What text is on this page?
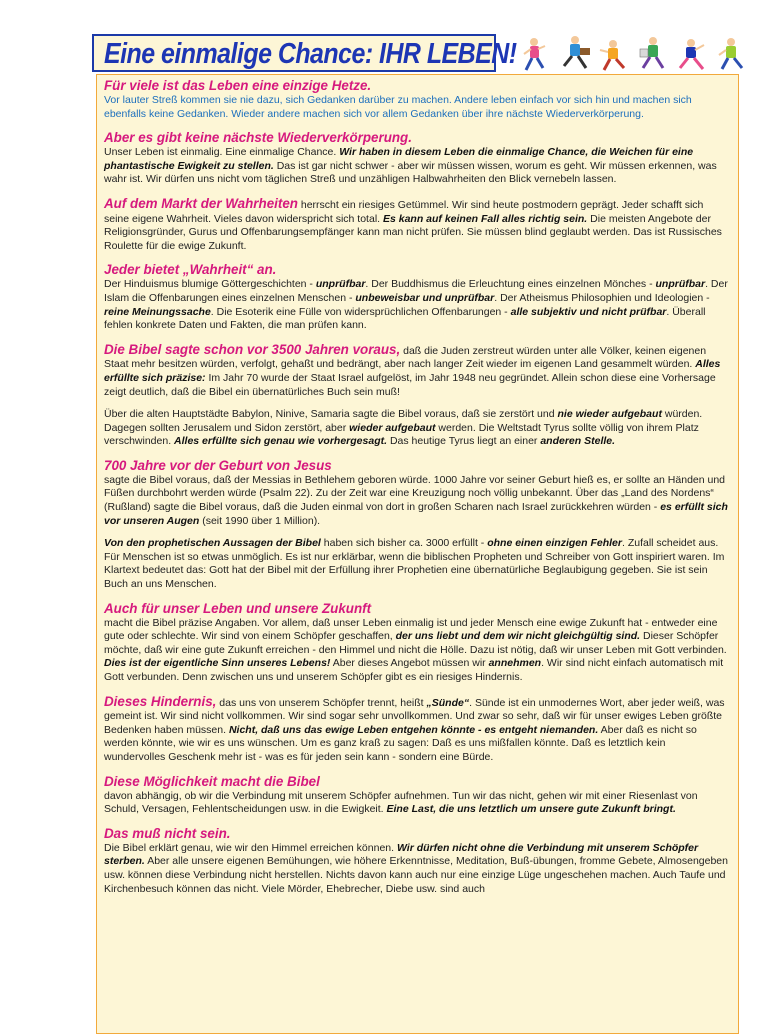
Eine einmalige Chance: IHR LEBEN!
Für viele ist das Leben eine einzige Hetze.

Vor lauter Streß kommen sie nie dazu, sich Gedanken darüber zu machen. Andere leben einfach vor sich hin und machen sich ebenfalls keine Gedanken. Wieder andere machen sich vor allem Gedanken über ihre nächste Wiederverkörperung.

Aber es gibt keine nächste Wiederverkörperung.

Unser Leben ist einmalig. Eine einmalige Chance. Wir haben in diesem Leben die einmalige Chance, die Weichen für eine phantastische Ewigkeit zu stellen. Das ist gar nicht schwer - aber wir müssen wissen, worum es geht. Wir müssen erkennen, was wahr ist. Wir dürfen uns nicht vom täglichen Streß und unzähligen Halbwahrheiten den Blick vernebeln lassen.

Auf dem Markt der Wahrheiten herrscht ein riesiges Getümmel. Wir sind heute postmodern geprägt. Jeder schafft sich seine eigene Wahrheit. Vieles davon widerspricht sich total. Es kann auf keinen Fall alles richtig sein. Die meisten Angebote der Religionsgründer, Gurus und Offenbarungsempfänger kann man nicht prüfen. Sie müssen blind geglaubt werden. Das ist Russisches Roulette für die ewige Zukunft.

Jeder bietet „Wahrheit“ an.

Der Hinduismus blumige Göttergeschichten - unprüfbar. Der Buddhismus die Erleuchtung eines einzelnen Mönches - unprüfbar. Der Islam die Offenbarungen eines einzelnen Menschen - unbeweisbar und unprüfbar. Der Atheismus Philosophien und Ideologien - reine Meinungssache. Die Esoterik eine Fülle von widersprüchlichen Offenbarungen - alle subjektiv und nicht prüfbar. Überall fehlen konkrete Daten und Fakten, die man prüfen kann.

Die Bibel sagte schon vor 3500 Jahren voraus, daß die Juden zerstreut würden unter alle Völker, keinen eigenen Staat mehr besitzen würden, verfolgt, gehaßt und bedrängt, aber nach langer Zeit wieder im eigenen Land gesammelt würden. Alles erfüllte sich präzise: Im Jahr 70 wurde der Staat Israel aufgelöst, im Jahr 1948 neu gegründet. Allein schon diese eine Vorhersage zeigt deutlich, daß die Bibel ein übernatürliches Buch sein muß!

Über die alten Hauptstädte Babylon, Ninive, Samaria sagte die Bibel voraus, daß sie zerstört und nie wieder aufgebaut würden. Dagegen sollten Jerusalem und Sidon zerstört, aber wieder aufgebaut werden. Die Weltstadt Tyrus sollte völlig von ihrem Platz verschwinden. Alles erfüllte sich genau wie vorhergesagt. Das heutige Tyrus liegt an einer anderen Stelle.

700 Jahre vor der Geburt von Jesus

sagte die Bibel voraus, daß der Messias in Bethlehem geboren würde. 1000 Jahre vor seiner Geburt hieß es, er sollte an Händen und Füßen durchbohrt werden würde (Psalm 22). Zu der Zeit war eine Kreuzigung noch völlig unbekannt. Über das „Land des Nordens“ (Rußland) sagte die Bibel voraus, daß die Juden einmal von dort in großen Scharen nach Israel zurückkehren würden - es erfüllt sich vor unseren Augen (seit 1990 über 1 Million).

Von den prophetischen Aussagen der Bibel haben sich bisher ca. 3000 erfüllt - ohne einen einzigen Fehler. Zufall scheidet aus. Für Menschen ist so etwas unmöglich. Es ist nur erklärbar, wenn die biblischen Propheten und Schreiber von Gott inspiriert waren. Im Klartext bedeutet das: Gott hat der Bibel mit der Erfüllung ihrer Prophetien eine übernatürliche Beglaubigung gegeben. Sie ist sein Buch an uns Menschen.

Auch für unser Leben und unsere Zukunft

macht die Bibel präzise Angaben. Vor allem, daß unser Leben einmalig ist und jeder Mensch eine ewige Zukunft hat - entweder eine gute oder schlechte. Wir sind von einem Schöpfer geschaffen, der uns liebt und dem wir nicht gleichgültig sind. Dieser Schöpfer möchte, daß wir eine gute Zukunft erreichen - den Himmel und nicht die Hölle. Dazu ist nötig, daß wir unser Leben mit Gott verbinden. Dies ist der eigentliche Sinn unseres Lebens! Aber dieses Angebot müssen wir annehmen. Wir sind nicht einfach automatisch mit Gott verbunden. Denn zwischen uns und unserem Schöpfer gibt es ein riesiges Hindernis.

Dieses Hindernis, das uns von unserem Schöpfer trennt, heißt „Sünde“. Sünde ist ein unmodernes Wort, aber jeder weiß, was gemeint ist. Wir sind nicht vollkommen. Wir sind sogar sehr unvollkommen. Und zwar so sehr, daß wir für unser ewiges Leben größte Bedenken haben müssen. Nicht, daß uns das ewige Leben entgehen könnte - es entgeht niemanden. Aber daß es nicht so werden könnte, wie wir es uns wünschen. Um es ganz kraß zu sagen: Daß es uns mißfallen könnte. Daß es letztlich kein wundervolles Geschenk mehr ist - was es für jeden sein kann - sondern eine Bürde.

Diese Möglichkeit macht die Bibel

davon abhängig, ob wir die Verbindung mit unserem Schöpfer aufnehmen. Tun wir das nicht, gehen wir mit einer Riesenlast von Schuld, Versagen, Fehlentscheidungen usw. in die Ewigkeit. Eine Last, die uns letztlich um unsere gute Zukunft bringt.

Das muß nicht sein.

Die Bibel erklärt genau, wie wir den Himmel erreichen können. Wir dürfen nicht ohne die Verbindung mit unserem Schöpfer sterben. Aber alle unsere eigenen Bemühungen, wie höhere Erkenntnisse, Meditation, Buß-übungen, fromme Gebete, Almosengeben usw. können diese Verbindung nicht herstellen. Nichts davon kann auch nur eine einzige Lüge ungeschehen machen. Auch Taufe und Kirchenbesuch können das nicht. Viele Mörder, Ehebrecher, Diebe usw. sind auch
